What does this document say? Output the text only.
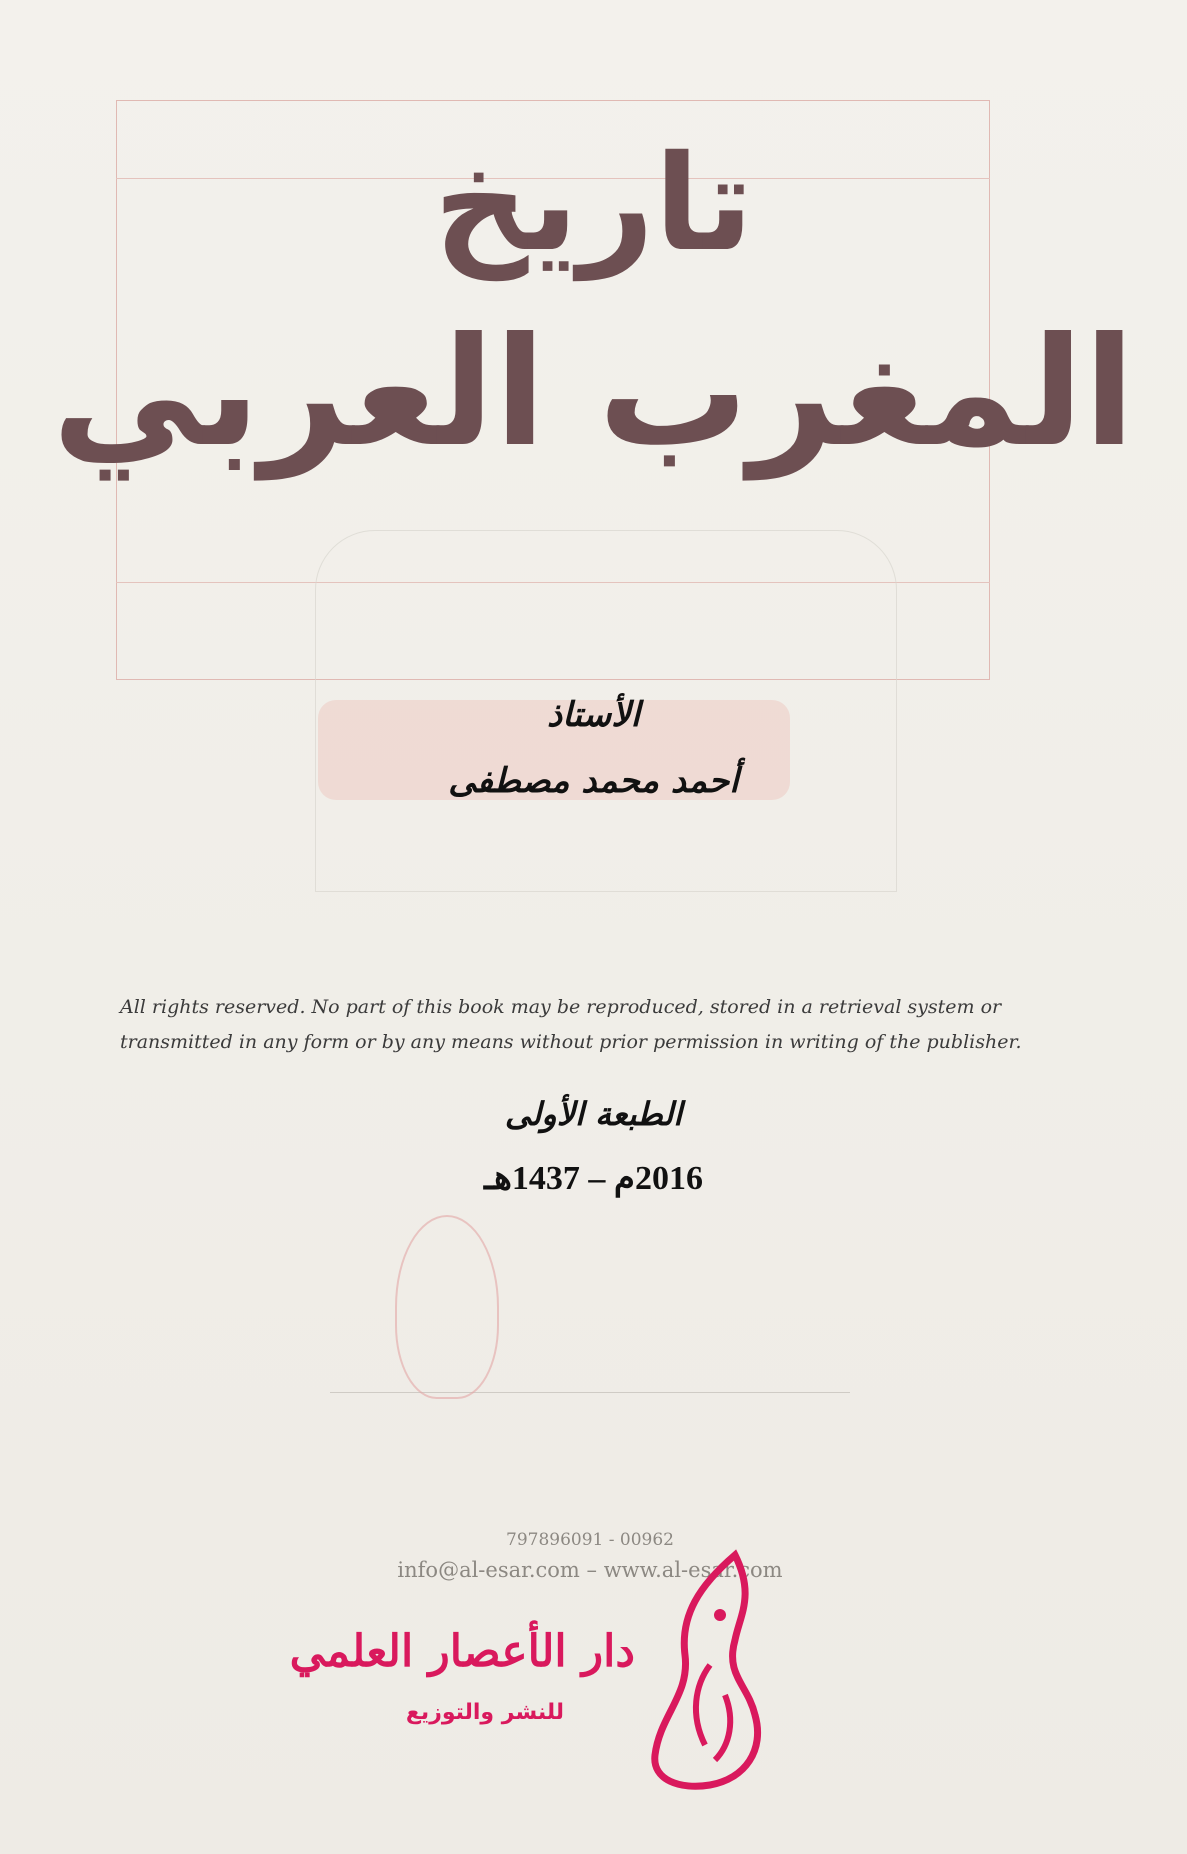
تاريخ
المغرب العربي
الأستاذ
أحمد محمد مصطفى
All rights reserved. No part of this book may be reproduced, stored in a retrieval system or transmitted in any form or by any means without prior permission in writing of the publisher.
الطبعة الأولى
2016م – 1437هـ
00962 - 797896091
info@al-esar.com – www.al-esar.com
دار الأعصار العلمي
للنشر والتوزيع
